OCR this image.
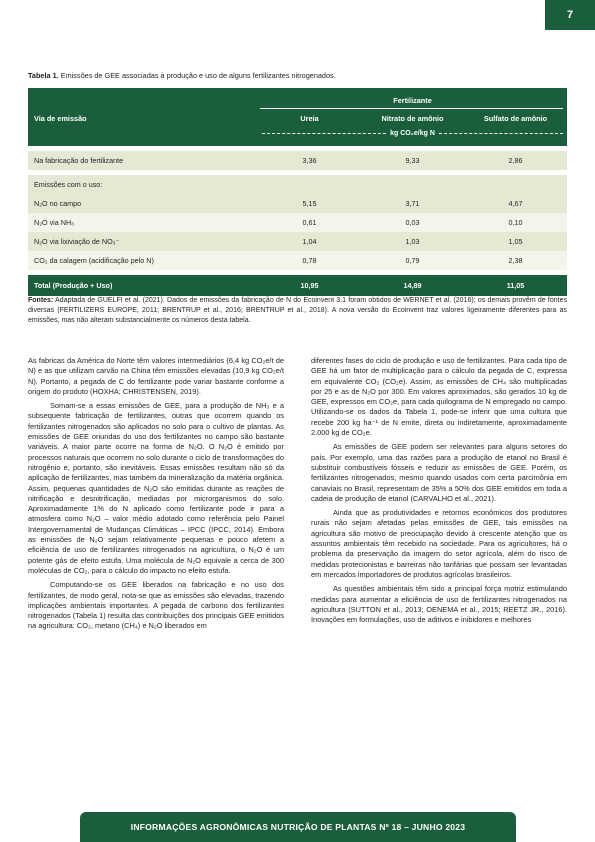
7
Tabela 1. Emissões de GEE associadas à produção e uso de alguns fertilizantes nitrogenados.
Via de emissão
Fertilizante
Ureia	Nitrato de amônio	Sulfato de amônio
kg CO₂e/kg N
Na fabricação do fertilizante	3,36	9,33	2,86
Emissões com o uso:
N₂O no campo	5,15	3,71	4,67
N₂O via NH₃	0,61	0,03	0,10
N₂O via lixiviação de NO₃⁻	1,04	1,03	1,05
CO₂ da calagem (acidificação pelo N)	0,78	0,79	2,38
Total (Produção + Uso)	10,95	14,89	11,05
Fontes: Adaptada de GUELFI et al. (2021). Dados de emissões da fabricação de N do Ecoinvent 3.1 foram obtidos de WERNET et al. (2016); os demais provêm de fontes diversas (FERTILIZERS EUROPE, 2011; BRENTRUP et al., 2016; BRENTRUP et al., 2018). A nova versão do Ecoinvent traz valores ligeiramente diferentes para as emissões, mas não alteram substancialmente os números desta tabela.

As fabricas da América do Norte têm valores intermediários (6,4 kg CO₂e/t de N) e as que utilizam carvão na China têm emissões elevadas (10,9 kg CO₂e/t N). Portanto, a pegada de C do fertilizante pode variar bastante conforme a origem do produto (HOXHA; CHRISTENSEN, 2019).

Somam-se a essas emissões de GEE, para a produção de NH₃ e a subsequente fabricação de fertilizantes, outras que ocorrem quando os fertilizantes nitrogenados são aplicados no solo para o cultivo de plantas. As emissões de GEE oriundas do uso dos fertilizantes no campo são bastante variáveis. A maior parte ocorre na forma de N₂O. O N₂O é emitido por processos naturais que ocorrem no solo durante o ciclo de transformações do nitrogênio e, portanto, são inevitáveis. Essas emissões resultam não só da aplicação de fertilizantes, mas também da mineralização da matéria orgânica. Assim, pequenas quantidades de N₂O são emitidas durante as reações de nitrificação e desnitrificação, mediadas por microrganismos do solo. Aproximadamente 1% do N aplicado como fertilizante pode ir para a atmosfera como N₂O – valor médio adotado como referência pelo Painel Intergovernamental de Mudanças Climáticas – IPCC (IPCC, 2014). Embora as emissões de N₂O sejam relativamente pequenas e pouco afetem a eficiência de uso de fertilizantes nitrogenados na agricultura, o N₂O é um potente gás de efeito estufa. Uma molécula de N₂O equivale a cerca de 300 moléculas de CO₂, para o cálculo do impacto no efeito estufa.

Computando-se os GEE liberados na fabricação e no uso dos fertilizantes, de modo geral, nota-se que as emissões são elevadas, trazendo implicações ambientais importantes. A pegada de carbono dos fertilizantes nitrogenados (Tabela 1) resulta das contribuições dos principais GEE emitidos na agricultura: CO₂, metano (CH₄) e N₂O liberados em

diferentes fases do ciclo de produção e uso de fertilizantes. Para cada tipo de GEE há um fator de multiplicação para o cálculo da pegada de C, expressa em equivalente CO₂ (CO₂e). Assim, as emissões de CH₄ são multiplicadas por 25 e as de N₂O por 300. Em valores aproximados, são gerados 10 kg de GEE, expressos em CO₂e, para cada quilograma de N empregado no campo. Utilizando-se os dados da Tabela 1, pode-se inferir que uma cultura que recebe 200 kg ha⁻¹ de N emite, direta ou indiretamente, aproximadamente 2.000 kg de CO₂e.

As emissões de GEE podem ser relevantes para alguns setores do país. Por exemplo, uma das razões para a produção de etanol no Brasil é substituir combustíveis fósseis e reduzir as emissões de GEE. Porém, os fertilizantes nitrogenados, mesmo quando usados com certa parcimônia em canaviais no Brasil, representam de 35% a 50% dos GEE emitidos em toda a cadeia de produção de etanol (CARVALHO et al., 2021).

Ainda que as produtividades e retornos econômicos dos produtores rurais não sejam afetadas pelas emissões de GEE, tais emissões na agricultura são motivo de preocupação devido à crescente atenção que os assuntos ambientais têm recebido na sociedade. Para os agricultores, há o problema da preservação da imagem do setor agrícola, além do risco de medidas protecionistas e barreiras não tarifárias que possam ser levantadas em mercados importadores de produtos agrícolas brasileiros.

As questões ambientais têm sido a principal força motriz estimulando medidas para aumentar a eficiência de uso de fertilizantes nitrogenados na agricultura (SUTTON et al., 2013; OENEMA et al., 2015; REETZ JR., 2016). Inovações em formulações, uso de aditivos e inibidores e melhores

INFORMAÇÕES AGRONÔMICAS NUTRIÇÃO DE PLANTAS Nº 18 – JUNHO 2023
